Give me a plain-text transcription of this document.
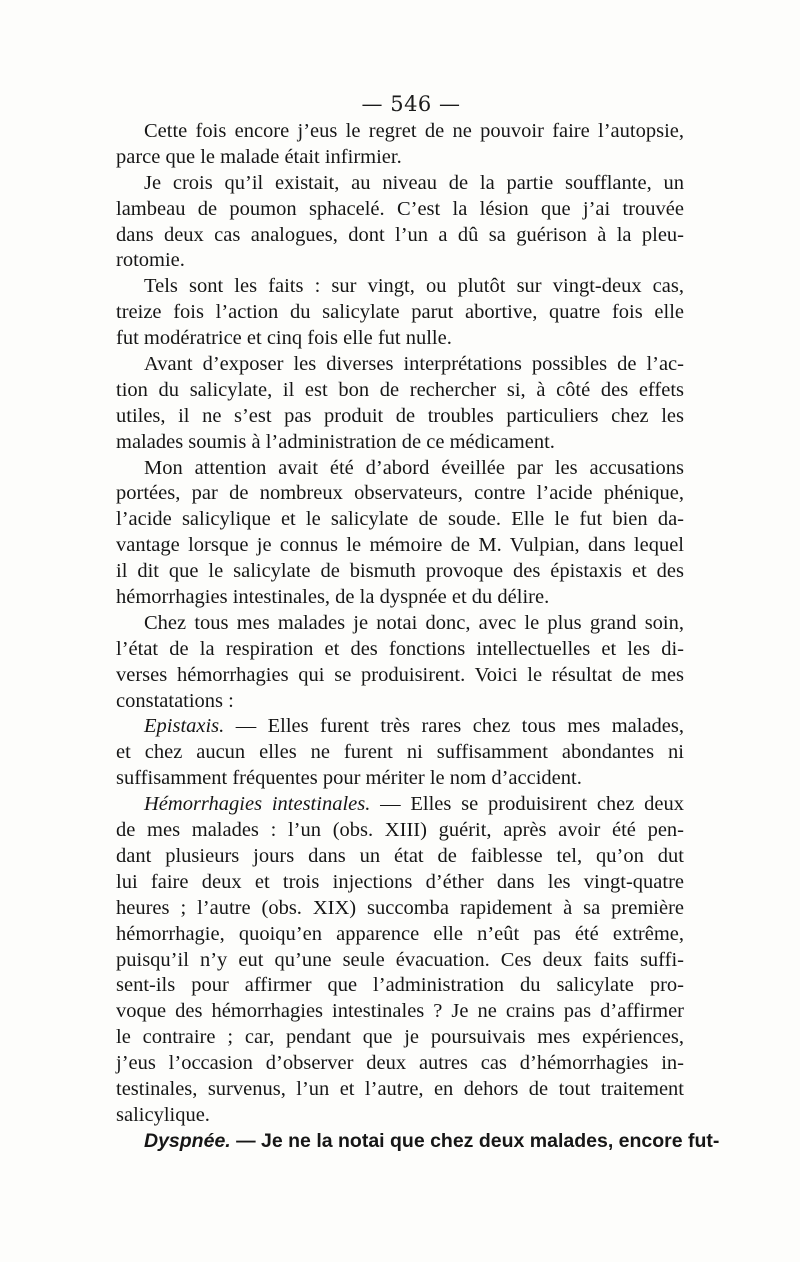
— 546 —
Cette fois encore j’eus le regret de ne pouvoir faire l’autopsie,
parce que le malade était infirmier.
Je crois qu’il existait, au niveau de la partie soufflante, un
lambeau de poumon sphacelé. C’est la lésion que j’ai trouvée
dans deux cas analogues, dont l’un a dû sa guérison à la pleu-
rotomie.
Tels sont les faits : sur vingt, ou plutôt sur vingt-deux cas,
treize fois l’action du salicylate parut abortive, quatre fois elle
fut modératrice et cinq fois elle fut nulle.
Avant d’exposer les diverses interprétations possibles de l’ac-
tion du salicylate, il est bon de rechercher si, à côté des effets
utiles, il ne s’est pas produit de troubles particuliers chez les
malades soumis à l’administration de ce médicament.
Mon attention avait été d’abord éveillée par les accusations
portées, par de nombreux observateurs, contre l’acide phénique,
l’acide salicylique et le salicylate de soude. Elle le fut bien da-
vantage lorsque je connus le mémoire de M. Vulpian, dans lequel
il dit que le salicylate de bismuth provoque des épistaxis et des
hémorrhagies intestinales, de la dyspnée et du délire.
Chez tous mes malades je notai donc, avec le plus grand soin,
l’état de la respiration et des fonctions intellectuelles et les di-
verses hémorrhagies qui se produisirent. Voici le résultat de mes
constatations :
Epistaxis. — Elles furent très rares chez tous mes malades,
et chez aucun elles ne furent ni suffisamment abondantes ni
suffisamment fréquentes pour mériter le nom d’accident.
Hémorrhagies intestinales. — Elles se produisirent chez deux
de mes malades : l’un (obs. XIII) guérit, après avoir été pen-
dant plusieurs jours dans un état de faiblesse tel, qu’on dut
lui faire deux et trois injections d’éther dans les vingt-quatre
heures ; l’autre (obs. XIX) succomba rapidement à sa première
hémorrhagie, quoiqu’en apparence elle n’eût pas été extrême,
puisqu’il n’y eut qu’une seule évacuation. Ces deux faits suffi-
sent-ils pour affirmer que l’administration du salicylate pro-
voque des hémorrhagies intestinales ? Je ne crains pas d’affirmer
le contraire ; car, pendant que je poursuivais mes expériences,
j’eus l’occasion d’observer deux autres cas d’hémorrhagies in-
testinales, survenus, l’un et l’autre, en dehors de tout traitement
salicylique.
Dyspnée. — Je ne la notai que chez deux malades, encore fut-
